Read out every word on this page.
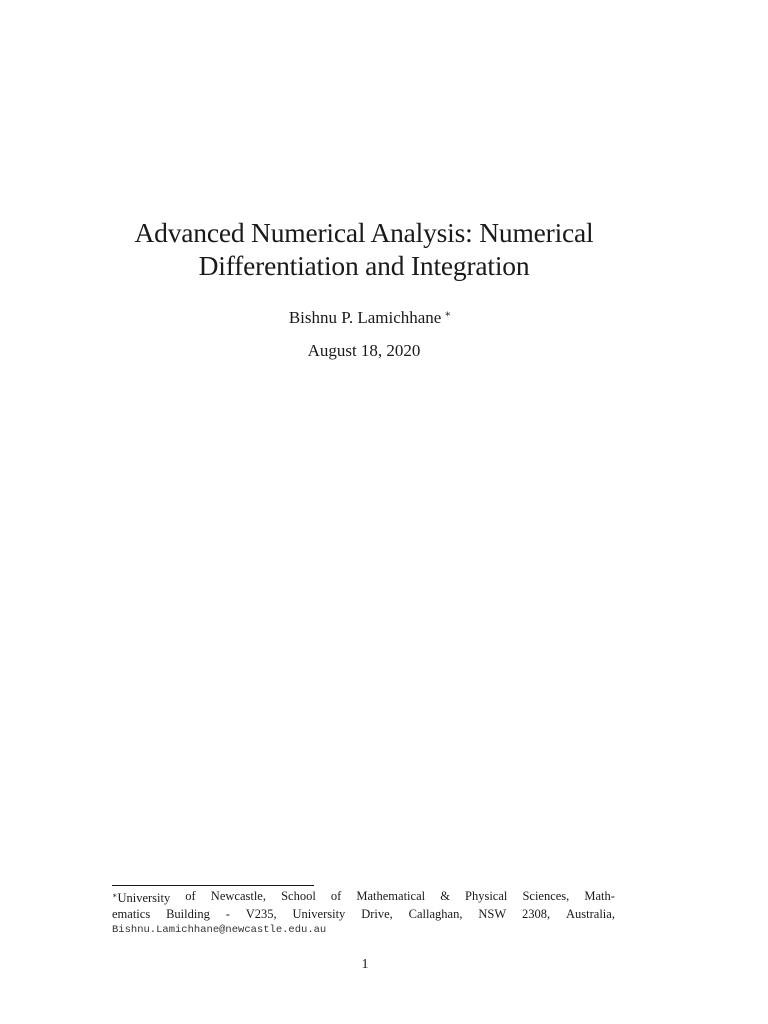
Advanced Numerical Analysis: Numerical
Differentiation and Integration
Bishnu P. Lamichhane ∗
August 18, 2020
∗University of Newcastle, School of Mathematical & Physical Sciences, Math-
ematics Building - V235, University Drive, Callaghan, NSW 2308, Australia,
Bishnu.Lamichhane@newcastle.edu.au
1
